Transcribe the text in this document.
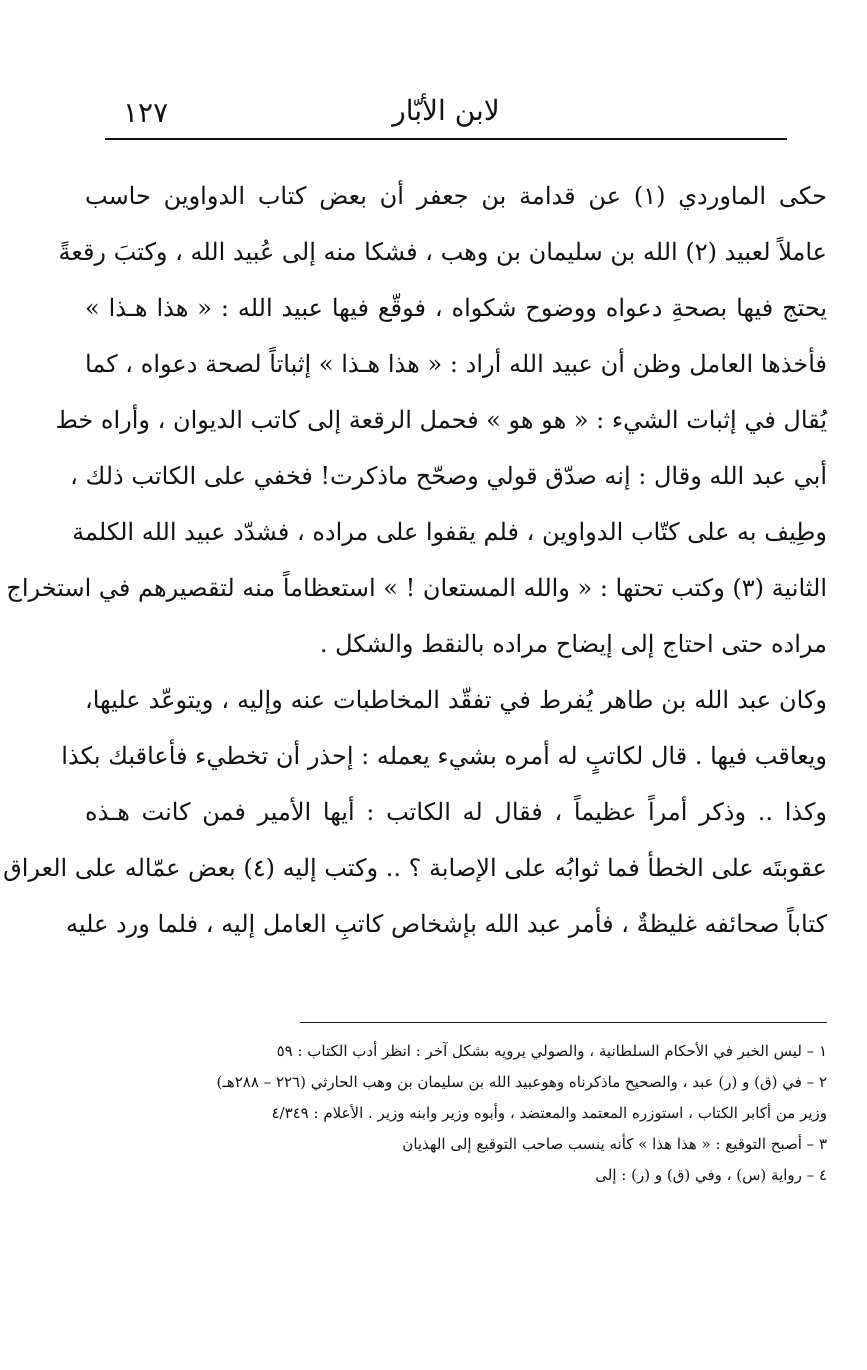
١٢٧	لابن الأبّار
حكى الماوردي (١) عن قدامة بن جعفر أن بعض كتاب الدواوين حاسب
عاملاً لعبيد (٢) الله بن سليمان بن وهب ، فشكا منه إلى عُبيد الله ، وكتبَ رقعةً
يحتج فيها بصحةِ دعواه ووضوح شكواه ، فوقّع فيها عبيد الله : « هذا هـذا »
فأخذها العامل وظن أن عبيد الله أراد : « هذا هـذا » إثباتاً لصحة دعواه ، كما
يُقال في إثبات الشيء : « هو هو » فحمل الرقعة إلى كاتب الديوان ، وأراه خط
أبي عبد الله وقال : إنه صدّق قولي وصحّح ماذكرت! فخفي على الكاتب ذلك ،
وطِيف به على كتّاب الدواوين ، فلم يقفوا على مراده ، فشدّد عبيد الله الكلمة
الثانية (٣) وكتب تحتها : « والله المستعان ! » استعظاماً منه لتقصيرهم في استخراج
مراده حتى احتاج إلى إيضاح مراده بالنقط والشكل .
وكان عبد الله بن طاهر يُفرط في تفقّد المخاطبات عنه وإليه ، ويتوعّد عليها،
ويعاقب فيها . قال لكاتبٍ له أمره بشيء يعمله : إحذر أن تخطيء فأعاقبك بكذا
وكذا .. وذكر أمراً عظيماً ، فقال له الكاتب : أيها الأمير فمن كانت هـذه
عقوبتَه على الخطأ فما ثوابُه على الإصابة ؟ .. وكتب إليه (٤) بعض عمّاله على العراق
كتاباً صحائفه غليظةٌ ، فأمر عبد الله بإشخاص كاتبِ العامل إليه ، فلما ورد عليه
١ – ليس الخبر في الأحكام السلطانية ، والصولي يرويه بشكل آخر : انظر أدب الكتاب : ٥٩
٢ – في (ق) و (ر) عبد ، والصحيح ماذكرناه وهوعبيد الله بن سليمان بن وهب الحارثي (٢٢٦ – ٢٨٨هـ)
وزير من أكابر الكتاب ، استوزره المعتمد والمعتضد ، وأبوه وزير وابنه وزير . الأعلام : ٤/٣٤٩
٣ – أصبح التوقيع : « هذا هذا » كأنه ينسب صاحب التوقيع إلى الهذيان
٤ – رواية (س) ، وفي (ق) و (ر) : إلى
